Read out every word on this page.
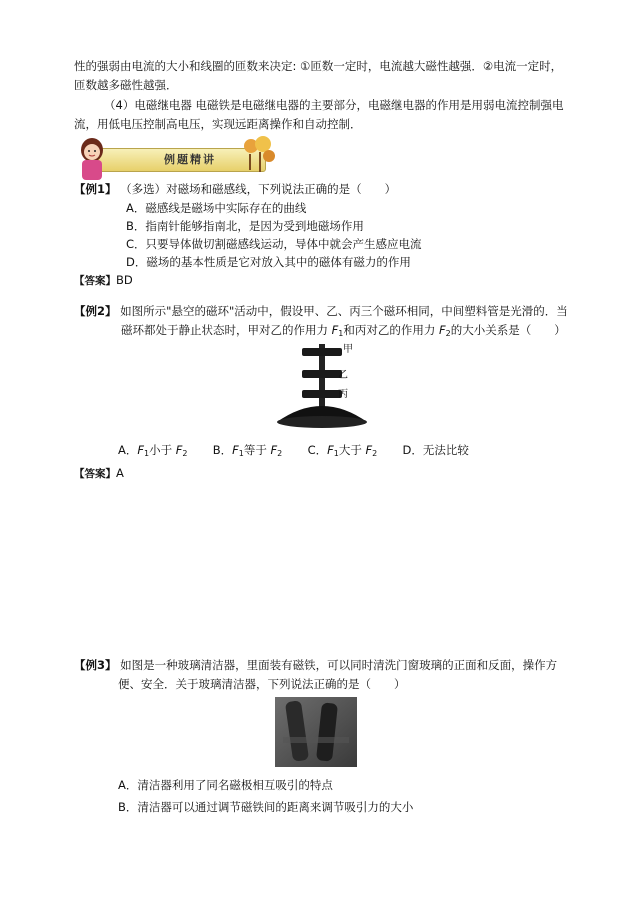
性的强弱由电流的大小和线圈的匝数来决定: ①匝数一定时，电流越大磁性越强．②电流一定时，
匝数越多磁性越强．
（4）电磁继电器 电磁铁是电磁继电器的主要部分，电磁继电器的作用是用弱电流控制强电
流，用低电压控制高电压，实现远距离操作和自动控制．
例题精讲
【例1】 （多选）对磁场和磁感线，下列说法正确的是（　　）
A．磁感线是磁场中实际存在的曲线
B．指南针能够指南北，是因为受到地磁场作用
C．只要导体做切割磁感线运动，导体中就会产生感应电流
D．磁场的基本性质是它对放入其中的磁体有磁力的作用
【答案】BD
【例2】 如图所示"悬空的磁环"活动中，假设甲、乙、丙三个磁环相同，中间塑料管是光滑的．当
磁环都处于静止状态时，甲对乙的作用力 $F_1$和丙对乙的作用力 $F_2$的大小关系是（　　）
甲
乙
丙
A．$F_1$小于 $F_2$ B．$F_1$等于 $F_2$ C．$F_1$大于 $F_2$ D．无法比较
【答案】A
【例3】 如图是一种玻璃清洁器，里面装有磁铁，可以同时清洗门窗玻璃的正面和反面，操作方
便、安全．关于玻璃清洁器，下列说法正确的是（　　）
A．清洁器利用了同名磁极相互吸引的特点
B．清洁器可以通过调节磁铁间的距离来调节吸引力的大小
